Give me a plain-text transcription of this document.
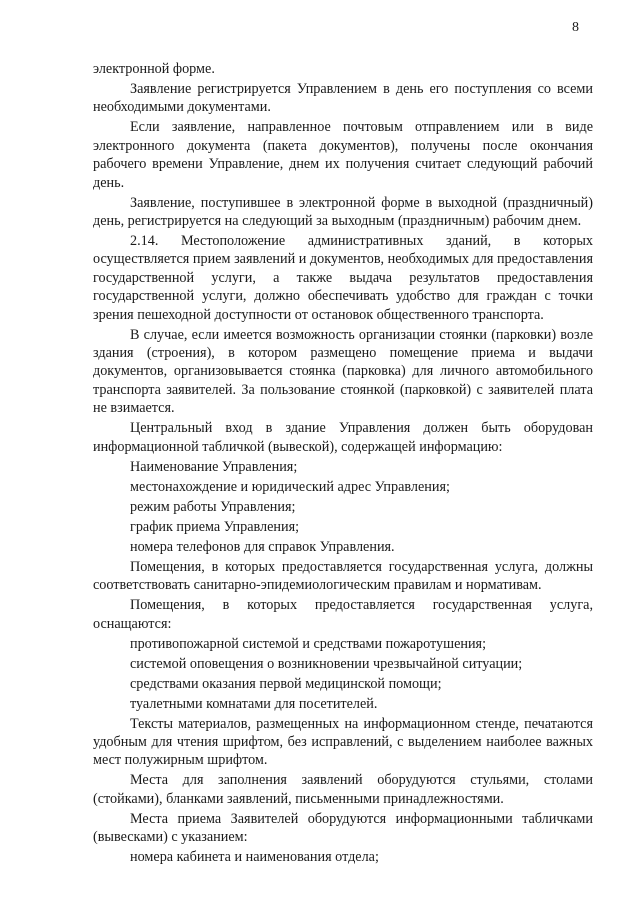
8

электронной форме.

Заявление регистрируется Управлением в день его поступления со всеми необходимыми документами.

Если заявление, направленное почтовым отправлением или в виде электронного документа (пакета документов), получены после окончания рабочего времени Управление, днем их получения считает следующий рабочий день.

Заявление, поступившее в электронной форме в выходной (праздничный) день, регистрируется на следующий за выходным (праздничным) рабочим днем.

2.14. Местоположение административных зданий, в которых осуществляется прием заявлений и документов, необходимых для предоставления государственной услуги, а также выдача результатов предоставления государственной услуги, должно обеспечивать удобство для граждан с точки зрения пешеходной доступности от остановок общественного транспорта.

В случае, если имеется возможность организации стоянки (парковки) возле здания (строения), в котором размещено помещение приема и выдачи документов, организовывается стоянка (парковка) для личного автомобильного транспорта заявителей. За пользование стоянкой (парковкой) с заявителей плата не взимается.

Центральный вход в здание Управления должен быть оборудован информационной табличкой (вывеской), содержащей информацию:

Наименование Управления;
местонахождение и юридический адрес Управления;
режим работы Управления;
график приема Управления;
номера телефонов для справок Управления.

Помещения, в которых предоставляется государственная услуга, должны соответствовать санитарно-эпидемиологическим правилам и нормативам.

Помещения, в которых предоставляется государственная услуга, оснащаются:

противопожарной системой и средствами пожаротушения;
системой оповещения о возникновении чрезвычайной ситуации;
средствами оказания первой медицинской помощи;
туалетными комнатами для посетителей.

Тексты материалов, размещенных на информационном стенде, печатаются удобным для чтения шрифтом, без исправлений, с выделением наиболее важных мест полужирным шрифтом.

Места для заполнения заявлений оборудуются стульями, столами (стойками), бланками заявлений, письменными принадлежностями.

Места приема Заявителей оборудуются информационными табличками (вывесками) с указанием:

номера кабинета и наименования отдела;
